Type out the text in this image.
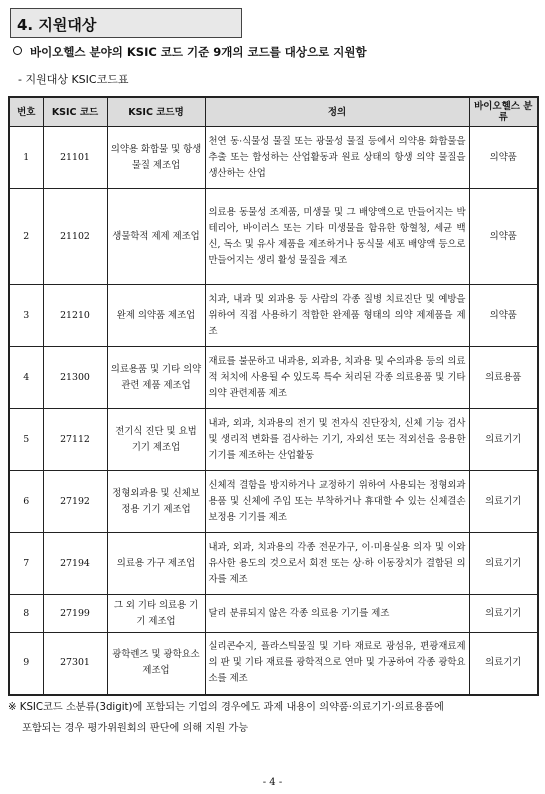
4. 지원대상
바이오헬스 분야의 KSIC 코드 기준 9개의 코드를 대상으로 지원함
- 지원대상 KSIC코드표
번호	KSIC 코드	KSIC 코드명	정의	바이오헬스 분류
1	21101	의약용 화합물 및 항생물질 제조업	천연 동·식물성 물질 또는 광물성 물질 등에서 의약용 화합물을 추출 또는 합성하는 산업활동과 원료 상태의 항생 의약 물질을 생산하는 산업	의약품
2	21102	생물학적 제제 제조업	의료용 동물성 조제품, 미생물 및 그 배양액으로 만들어지는 박테리아, 바이러스 또는 기타 미생물을 함유한 항혈청, 세균 백신, 독소 및 유사 제품을 제조하거나 동식물 세포 배양액 등으로 만들어지는 생리 활성 물질을 제조	의약품
3	21210	완제 의약품 제조업	치과, 내과 및 외과용 등 사람의 각종 질병 치료진단 및 예방을 위하여 직접 사용하기 적합한 완제품 형태의 의약 제제품을 제조	의약품
4	21300	의료용품 및 기타 의약관련 제품 제조업	재료를 불문하고 내과용, 외과용, 치과용 및 수의과용 등의 의료적 처치에 사용될 수 있도록 특수 처리된 각종 의료용품 및 기타 의약 관련제품 제조	의료용품
5	27112	전기식 진단 및 요법 기기 제조업	내과, 외과, 치과용의 전기 및 전자식 진단장치, 신체 기능 검사 및 생리적 변화를 검사하는 기기, 자외선 또는 적외선을 응용한 기기를 제조하는 산업활동	의료기기
6	27192	정형외과용 및 신체보정용 기기 제조업	신체적 결함을 방지하거나 교정하기 위하여 사용되는 정형외과용품 및 신체에 주입 또는 부착하거나 휴대할 수 있는 신체결손 보정용 기기를 제조	의료기기
7	27194	의료용 가구 제조업	내과, 외과, 치과용의 각종 전문가구, 이·미용실용 의자 및 이와 유사한 용도의 것으로서 회전 또는 상·하 이동장치가 결합된 의자를 제조	의료기기
8	27199	그 외 기타 의료용 기기 제조업	달리 분류되지 않은 각종 의료용 기기를 제조	의료기기
9	27301	광학렌즈 및 광학요소 제조업	실리콘수지, 플라스틱물질 및 기타 재료로 광섬유, 편광재료제의 판 및 기타 재료를 광학적으로 연마 및 가공하여 각종 광학요소를 제조	의료기기
※ KSIC코드 소분류(3digit)에 포함되는 기업의 경우에도 과제 내용이 의약품·의료기기·의료용품에
포함되는 경우 평가위원회의 판단에 의해 지원 가능
- 4 -
